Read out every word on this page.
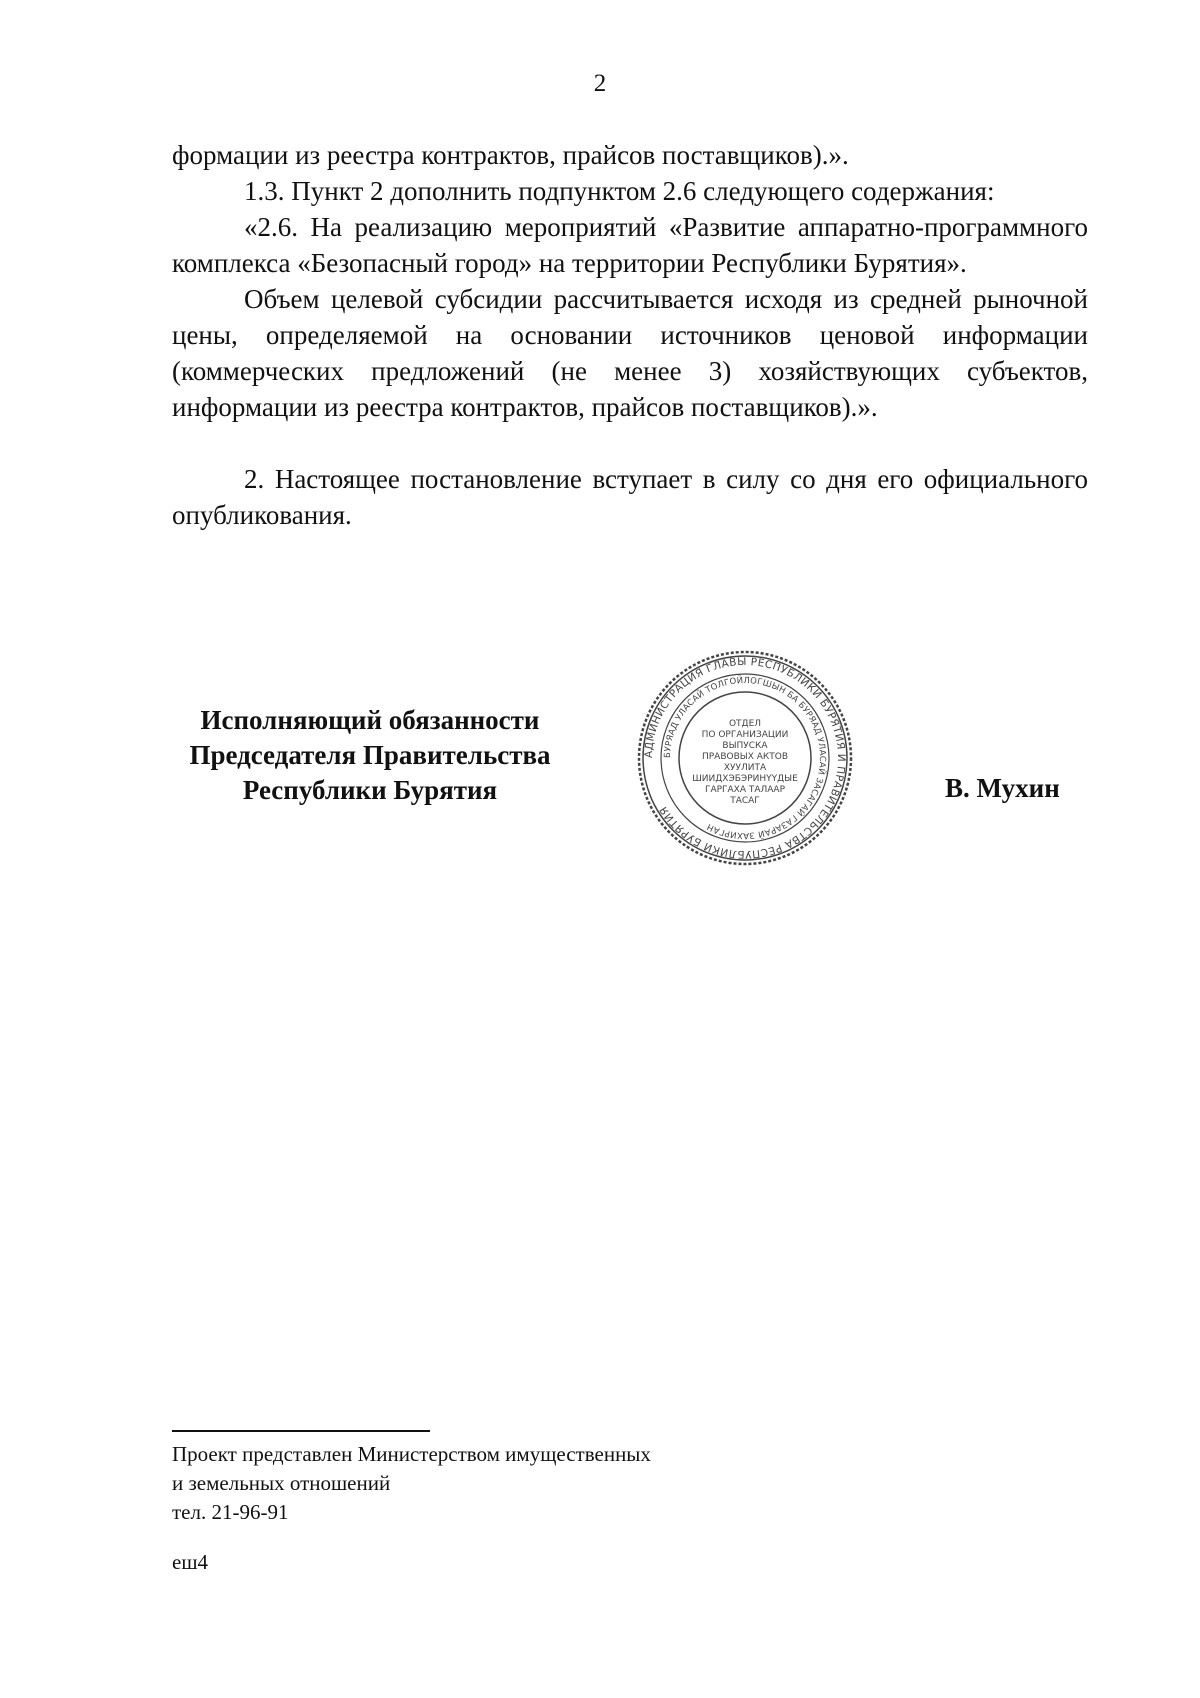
2

формации из реестра контрактов, прайсов поставщиков).».

1.3. Пункт 2 дополнить подпунктом 2.6 следующего содержания:

«2.6. На реализацию мероприятий «Развитие аппаратно-программного комплекса «Безопасный город» на территории Республики Бурятия».

Объем целевой субсидии рассчитывается исходя из средней рыночной цены, определяемой на основании источников ценовой информации (коммерческих предложений (не менее 3) хозяйствующих субъектов, информации из реестра контрактов, прайсов поставщиков).».

2. Настоящее постановление вступает в силу со дня его официального опубликования.

Исполняющий обязанности
Председателя Правительства
Республики Бурятия
АДМИНИСТРАЦИЯ ГЛАВЫ РЕСПУБЛИКИ БУРЯТИЯ И ПРАВИТЕЛЬСТВА РЕСПУБЛИКИ БУРЯТИЯ
БУРЯАД УЛАСАЙ ТОЛГОЙЛОГШЫН БА БУРЯАД УЛАСАЙ ЗАСАГАЙ ГАЗАРАЙ ЗАХИРГАН
ОТДЕЛ
ПО ОРГАНИЗАЦИИ
ВЫПУСКА
ПРАВОВЫХ АКТОВ
ХУУЛИТА
ШИИДХЭБЭРИНҮҮДЫЕ
ГАРГАХА ТАЛААР
ТАСАГ	В. Мухин
Проект представлен Министерством имущественных
и земельных отношений
тел. 21-96-91
еш4
